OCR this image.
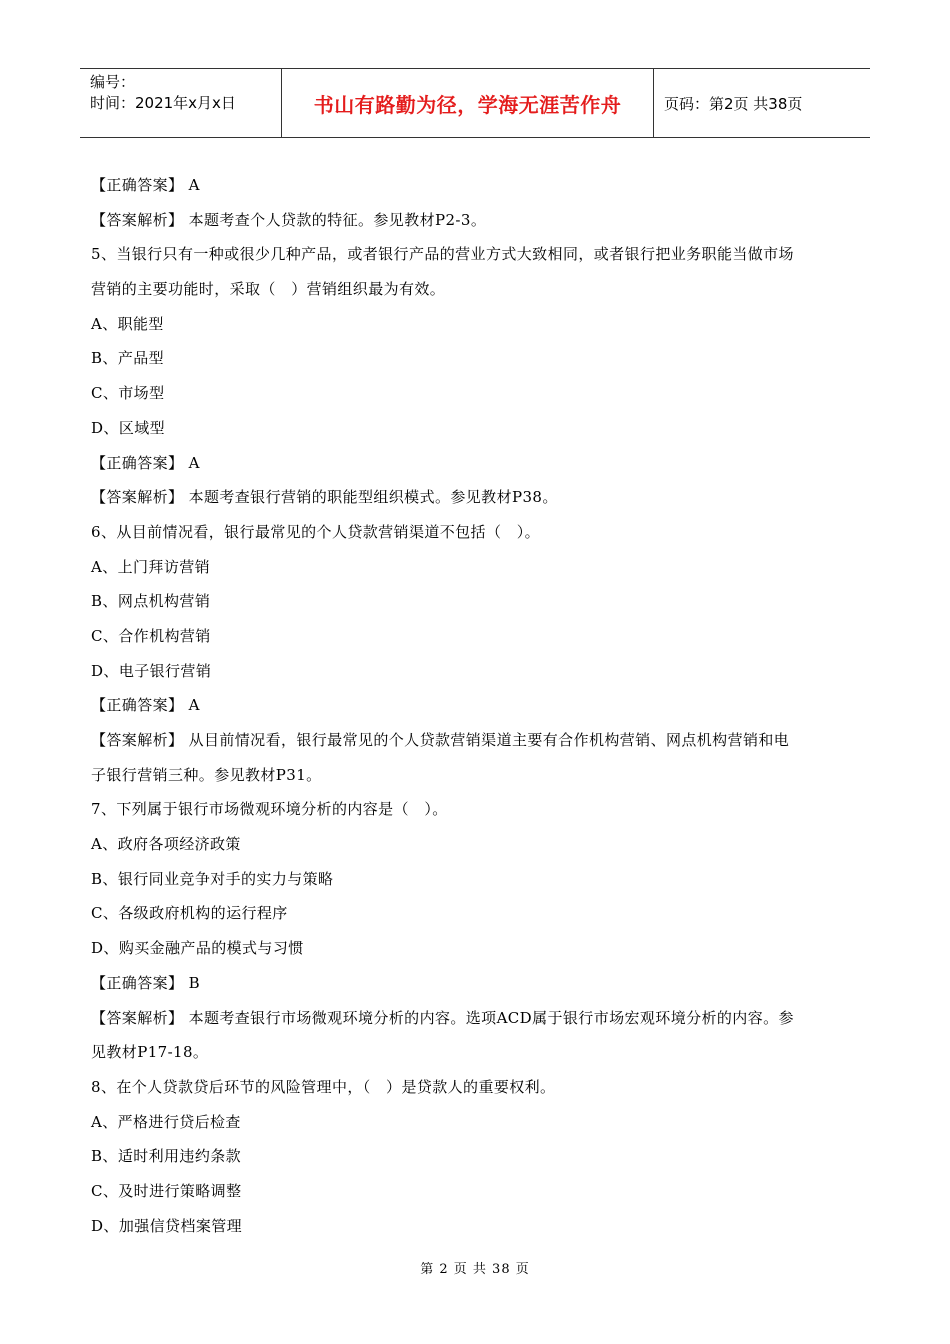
编号：
时间：2021年x月x日	书山有路勤为径，学海无涯苦作舟	页码：第2页 共38页
【正确答案】 A
【答案解析】 本题考查个人贷款的特征。参见教材P2-3。
5、当银行只有一种或很少几种产品，或者银行产品的营业方式大致相同，或者银行把业务职能当做市场
营销的主要功能时，采取（　）营销组织最为有效。
A、职能型
B、产品型
C、市场型
D、区域型
【正确答案】 A
【答案解析】 本题考查银行营销的职能型组织模式。参见教材P38。
6、从目前情况看，银行最常见的个人贷款营销渠道不包括（　）。
A、上门拜访营销
B、网点机构营销
C、合作机构营销
D、电子银行营销
【正确答案】 A
【答案解析】 从目前情况看，银行最常见的个人贷款营销渠道主要有合作机构营销、网点机构营销和电
子银行营销三种。参见教材P31。
7、下列属于银行市场微观环境分析的内容是（　）。
A、政府各项经济政策
B、银行同业竞争对手的实力与策略
C、各级政府机构的运行程序
D、购买金融产品的模式与习惯
【正确答案】 B
【答案解析】 本题考查银行市场微观环境分析的内容。选项ACD属于银行市场宏观环境分析的内容。参
见教材P17-18。
8、在个人贷款贷后环节的风险管理中，（　）是贷款人的重要权利。
A、严格进行贷后检查
B、适时利用违约条款
C、及时进行策略调整
D、加强信贷档案管理
第 2 页 共 38 页
